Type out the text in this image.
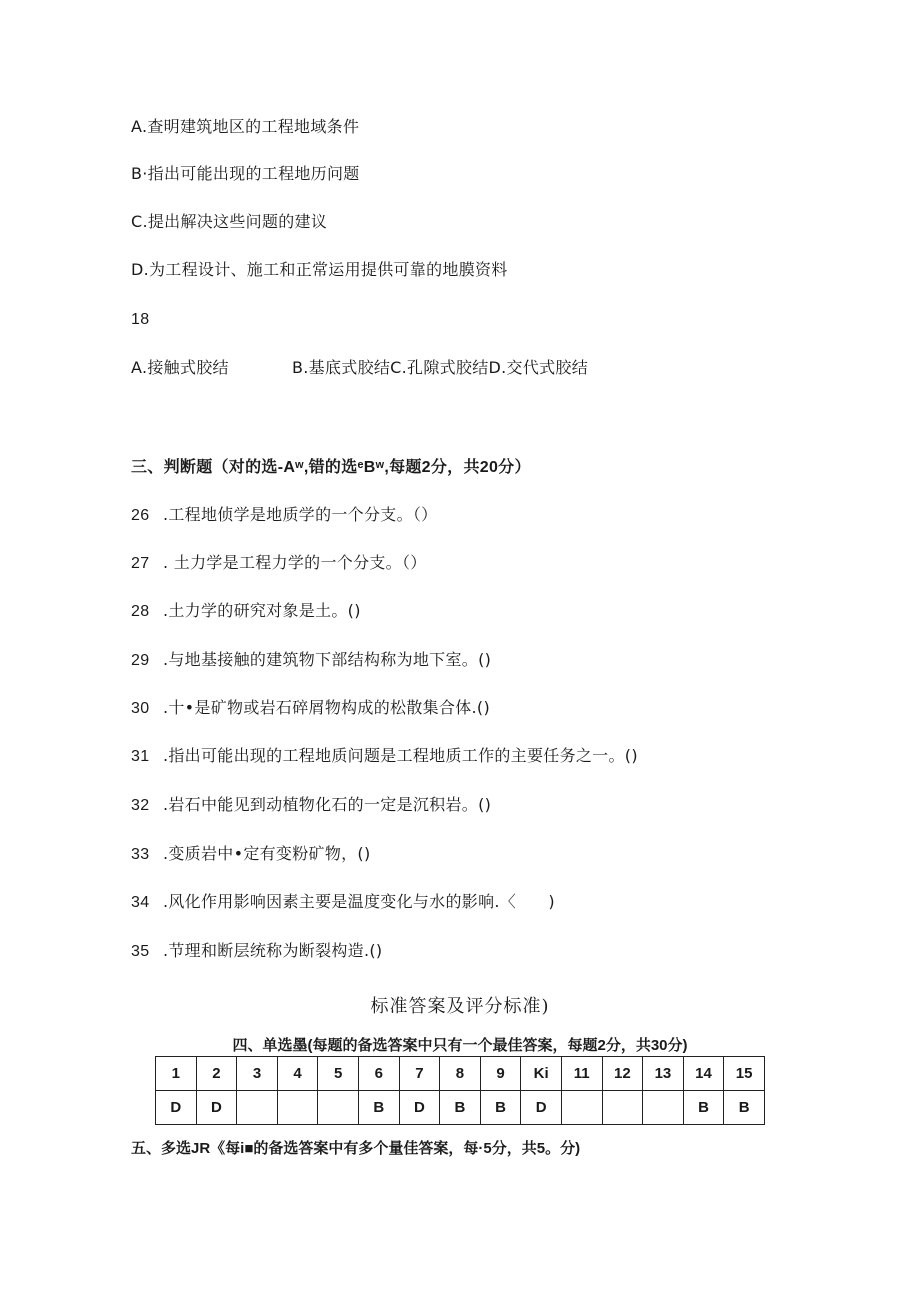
A.查明建筑地区的工程地域条件
B·指出可能出现的工程地历问题
C.提出解决这些问题的建议
D.为工程设计、施工和正常运用提供可靠的地膜资料
18
A.接触式胶结	B.基底式胶结C.孔隙式胶结D.交代式胶结
三、判断题（对的选-Aʷ,错的选ᵉBʷ,每题2分，共20分）
26 .工程地侦学是地质学的一个分支。（）
27 . 土力学是工程力学的一个分支。（）
28 .土力学的研究对象是土。()
29 .与地基接触的建筑物下部结构称为地下室。()
30 .十•是矿物或岩石碎屑物构成的松散集合体.()
31 .指出可能出现的工程地质问题是工程地质工作的主要任务之一。()
32 .岩石中能见到动植物化石的一定是沉积岩。()
33 .变质岩中•定有变粉矿物，()
34 .风化作用影响因素主要是温度变化与水的影响.〈      )
35 .节理和断层统称为断裂构造.()
标准答案及评分标准)
四、单选墨(每题的备选答案中只有一个最佳答案，每题2分，共30分)
1	2	3	4	5	6	7	8	9	Ki	11	12	13	14	15
D	D				B	D	B	B	D				B	B
五、多选JR《每i■的备选答案中有多个量佳答案，每·5分，共5。分)
